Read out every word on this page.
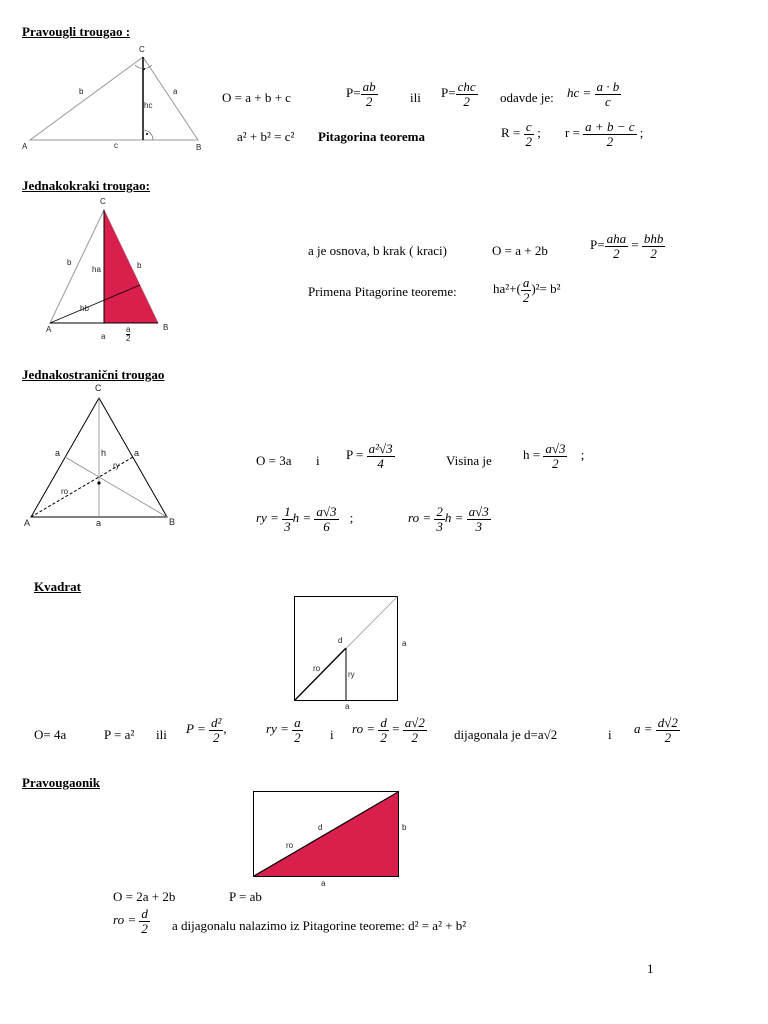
Pravougli trougao :
C
b	a
hc
A	c	B
O = a + b + c	$P= \frac{ab}{2}$ ili $P= \frac{\text{chc}}{2}$ odavde je: hc = $\frac{a \cdot b}{c}$
a² + b² = c² Pitagorina teorema	$R = \frac{c}{2}$ ; $r = \frac{a + b - c}{2}$ ;
Jednakokraki trougao:
C
b	b
ha
hb
A	B
a	$\frac{a}{2}$
a je osnova, b krak ( kraci)	O = a + 2b	$P= \frac{\text{aha}}{2} = \frac{\text{bhb}}{2}$
Primena Pitagorine teoreme:	$ha^2+( \frac{a}{2} )^2= b^2$
Jednakostranični trougao
C
a	h	a
ry
ro
A	a	B
O = 3a i $P = \frac{\text{a²√3}}{4}$	Visina je $h = \frac{a√3}{2}$ ;
ry = $\frac{1}{3}$ $h = \frac{a√3}{6}$ ;	ro = $\frac{2}{3}$ $h = \frac{a√3}{3}$
Kvadrat
d	a
ro
ry
a
O= 4a	P = a² ili $P = \frac{\text{d²}}{2}$ ,	ry = $\frac{a}{2}$ i ro = $\frac{d}{2} = \frac{a√2}{2}$ dijagonala je d=a√2	i $a = \frac{d√2}{2}$
Pravougaonik
d	b
ro
a
O = 2a + 2b	P = ab
ro = $\frac{d}{2}$ a dijagonalu nalazimo iz Pitagorine teoreme: d² = a² + b²
1
